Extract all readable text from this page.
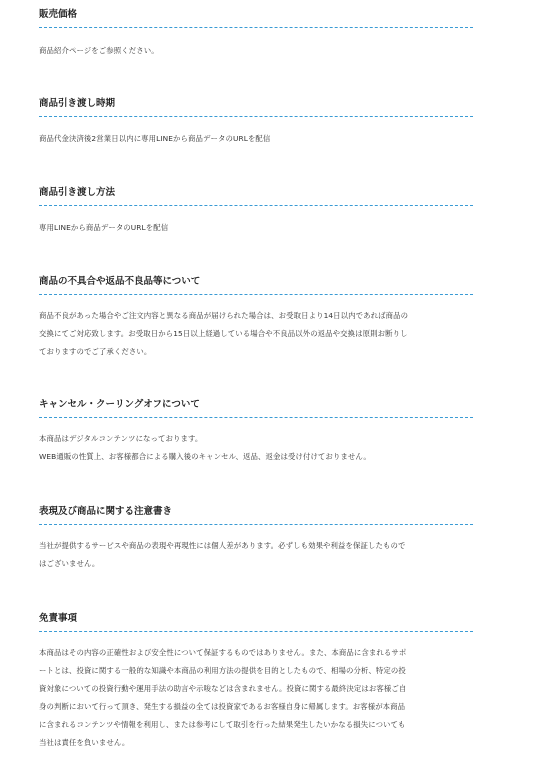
販売価格

商品紹介ページをご参照ください。

商品引き渡し時期

商品代金決済後2営業日以内に専用LINEから商品データのURLを配信

商品引き渡し方法

専用LINEから商品データのURLを配信

商品の不具合や返品不良品等について

商品不良があった場合やご注文内容と異なる商品が届けられた場合は、お受取日より14日以内であれば商品の

交換にてご対応致します。お受取日から15日以上経過している場合や不良品以外の返品や交換は原則お断りし

ておりますのでご了承ください。

キャンセル・クーリングオフについて

本商品はデジタルコンテンツになっております。

WEB通販の性質上、お客様都合による購入後のキャンセル、返品、返金は受け付けておりません。

表現及び商品に関する注意書き

当社が提供するサービスや商品の表現や再現性には個人差があります。必ずしも効果や利益を保証したもので

はございません。

免責事項

本商品はその内容の正確性および安全性について保証するものではありません。また、本商品に含まれるサポ

ートとは、投資に関する一般的な知識や本商品の利用方法の提供を目的としたもので、相場の分析、特定の投

資対象についての投資行動や運用手法の助言や示唆などは含まれません。投資に関する最終決定はお客様ご自

身の判断において行って頂き、発生する損益の全ては投資家であるお客様自身に帰属します。お客様が本商品

に含まれるコンテンツや情報を利用し、または参考にして取引を行った結果発生したいかなる損失についても

当社は責任を負いません。
